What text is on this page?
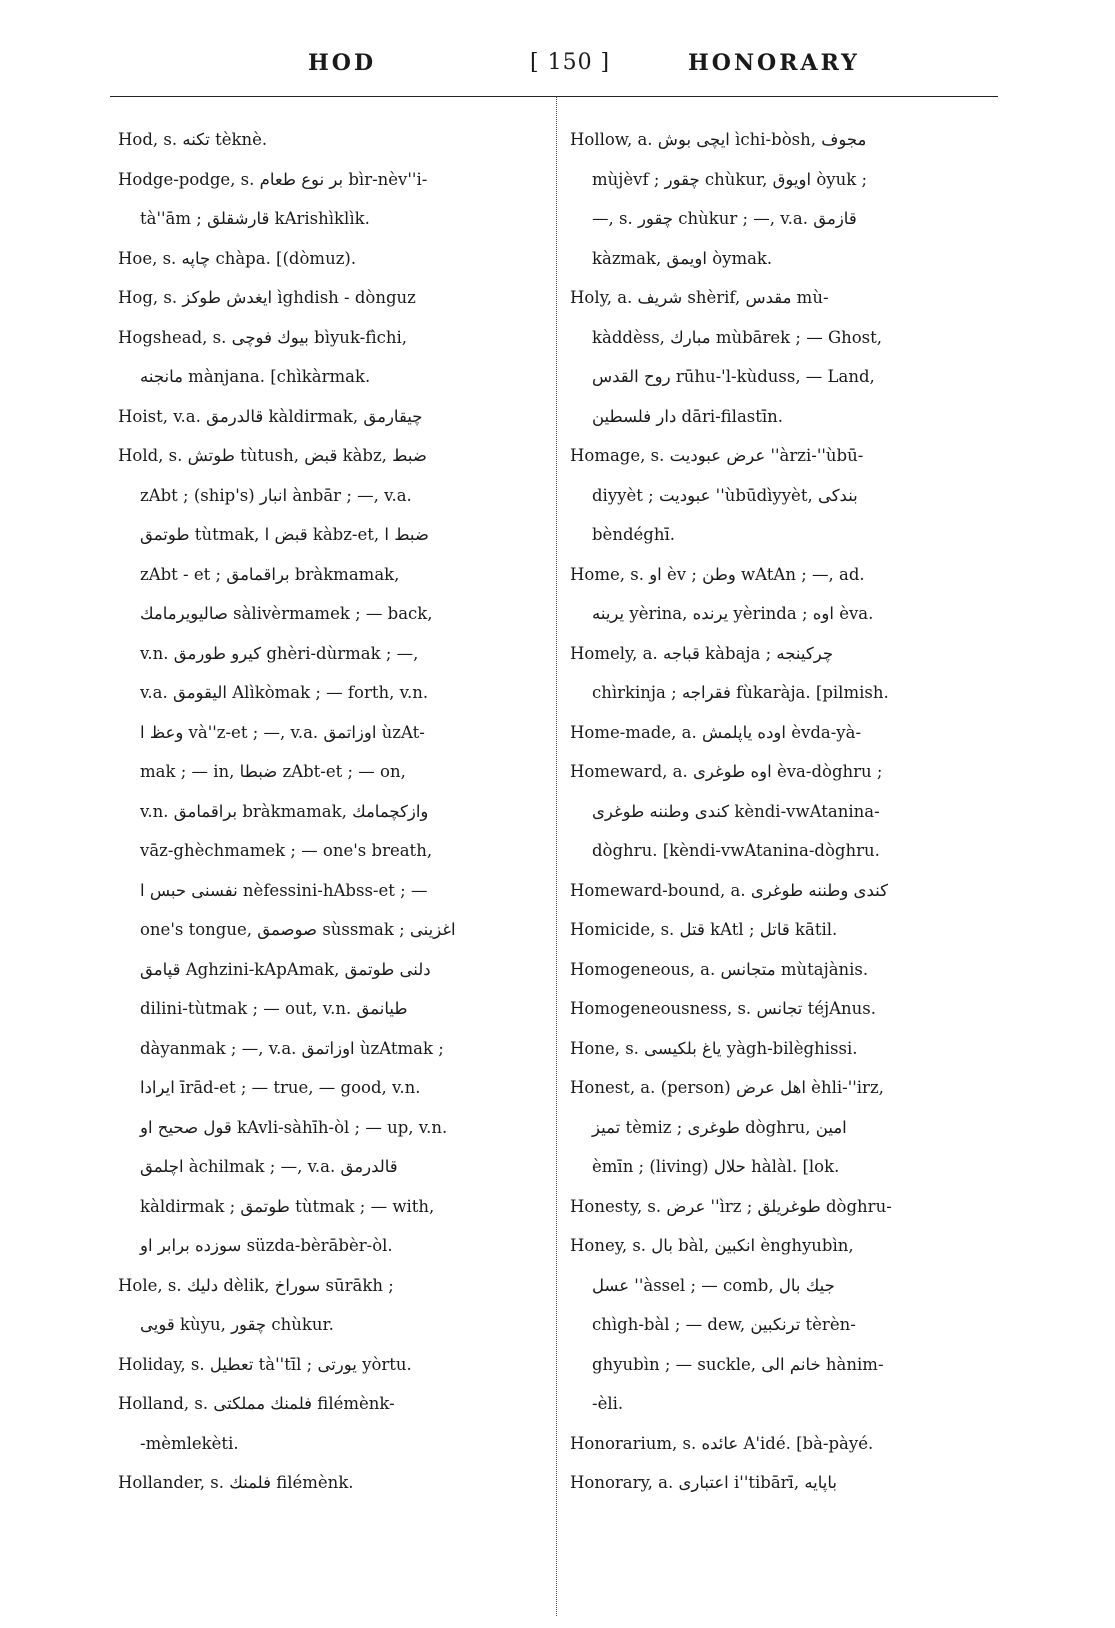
HOD	[ 150 ]	HONORARY
Hod, s. تكنه tèknè.
Hodge-podge, s. بر نوع طعام bìr-nèv''i-
tà''ām ; قارشقلق kArishìklìk.
Hoe, s. چاپه chàpa. [(dòmuz).
Hog, s. ایغدش طوكز ìghdish - dònguz
Hogshead, s. بیوك فوچی bìyuk-fìchi,
مانجنه mànjana. [chìkàrmak.
Hoist, v.a. قالدرمق kàldirmak, چیقارمق
Hold, s. طوتش tùtush, قبض kàbz, ضبط
zAbt ; (ship's) انبار ànbār ; —, v.a.
طوتمق tùtmak, قبض ا kàbz-et, ضبط ا
zAbt - et ; براقمامق bràkmamak,
صالیویرمامك sàlivèrmamek ; — back,
v.n. كیرو طورمق ghèri-dùrmak ; —,
v.a. الیقومق Alìkòmak ; — forth, v.n.
وعظ ا và''z-et ; —, v.a. اوزاتمق ùzAt-
mak ; — in, ضبطا zAbt-et ; — on,
v.n. براقمامق bràkmamak, وازكچمامك
vāz-ghèchmamek ; — one's breath,
نفسنی حبس ا nèfessini-hAbss-et ; —
one's tongue, صوصمق sùssmak ; اغزینی
قپامق Aghzini-kApAmak, دلنی طوتمق
dilini-tùtmak ; — out, v.n. طیانمق
dàyanmak ; —, v.a. اوزاتمق ùzAtmak ;
ایرادا īrād-et ; — true, — good, v.n.
قول صحیح او kAvli-sàhīh-òl ; — up, v.n.
اچلمق àchilmak ; —, v.a. قالدرمق
kàldirmak ; طوتمق tùtmak ; — with,
سوزده برابر او süzda-bèrābèr-òl.
Hole, s. دلیك dèlik, سوراخ sūrākh ;
قویی kùyu, چقور chùkur.
Holiday, s. تعطیل tà''tīl ; یورتی yòrtu.
Holland, s. فلمنك مملكتی filémènk-
-mèmlekèti.
Hollander, s. فلمنك filémènk.
Hollow, a. ایچی بوش ìchi-bòsh, مجوف
mùjèvf ; چقور chùkur, اویوق òyuk ;
—, s. چقور chùkur ; —, v.a. قازمق
kàzmak, اویمق òymak.
Holy, a. شریف shèrif, مقدس mù-
kàddèss, مبارك mùbārek ; — Ghost,
روح القدس rūhu-'l-kùduss, — Land,
دار فلسطین dāri-filastīn.
Homage, s. عرض عبودیت ''àrzi-''ùbū-
diyyèt ; عبودیت ''ùbūdìyyèt, بندكی
bèndéghī.
Home, s. او èv ; وطن wAtAn ; —, ad.
یرینه yèrina, یرنده yèrinda ; اوه èva.
Homely, a. قباجه kàbaja ; چركینجه
chìrkinja ; فقراجه fùkaràja. [pilmish.
Home-made, a. اوده یاپلمش èvda-yà-
Homeward, a. اوه طوغری èva-dòghru ;
كندی وطننه طوغری kèndi-vwAtanina-
dòghru. [kèndi-vwAtanina-dòghru.
Homeward-bound, a. كندی وطننه طوغری
Homicide, s. قتل kAtl ; قاتل kātil.
Homogeneous, a. متجانس mùtajànis.
Homogeneousness, s. تجانس téjAnus.
Hone, s. یاغ بلكیسی yàgh-bilèghissi.
Honest, a. (person) اهل عرض èhli-''irz,
تمیز tèmiz ; طوغری dòghru, امین
èmīn ; (living) حلال hàlàl. [lok.
Honesty, s. عرض ''ìrz ; طوغریلق dòghru-
Honey, s. بال bàl, انكبین ènghyubìn,
عسل ''àssel ; — comb, جیك بال
chìgh-bàl ; — dew, ترنكبین tèrèn-
ghyubìn ; — suckle, خانم الی hànim-
-èli.
Honorarium, s. عائده A'idé. [bà-pàyé.
Honorary, a. اعتباری i''tibārī, باپایه
